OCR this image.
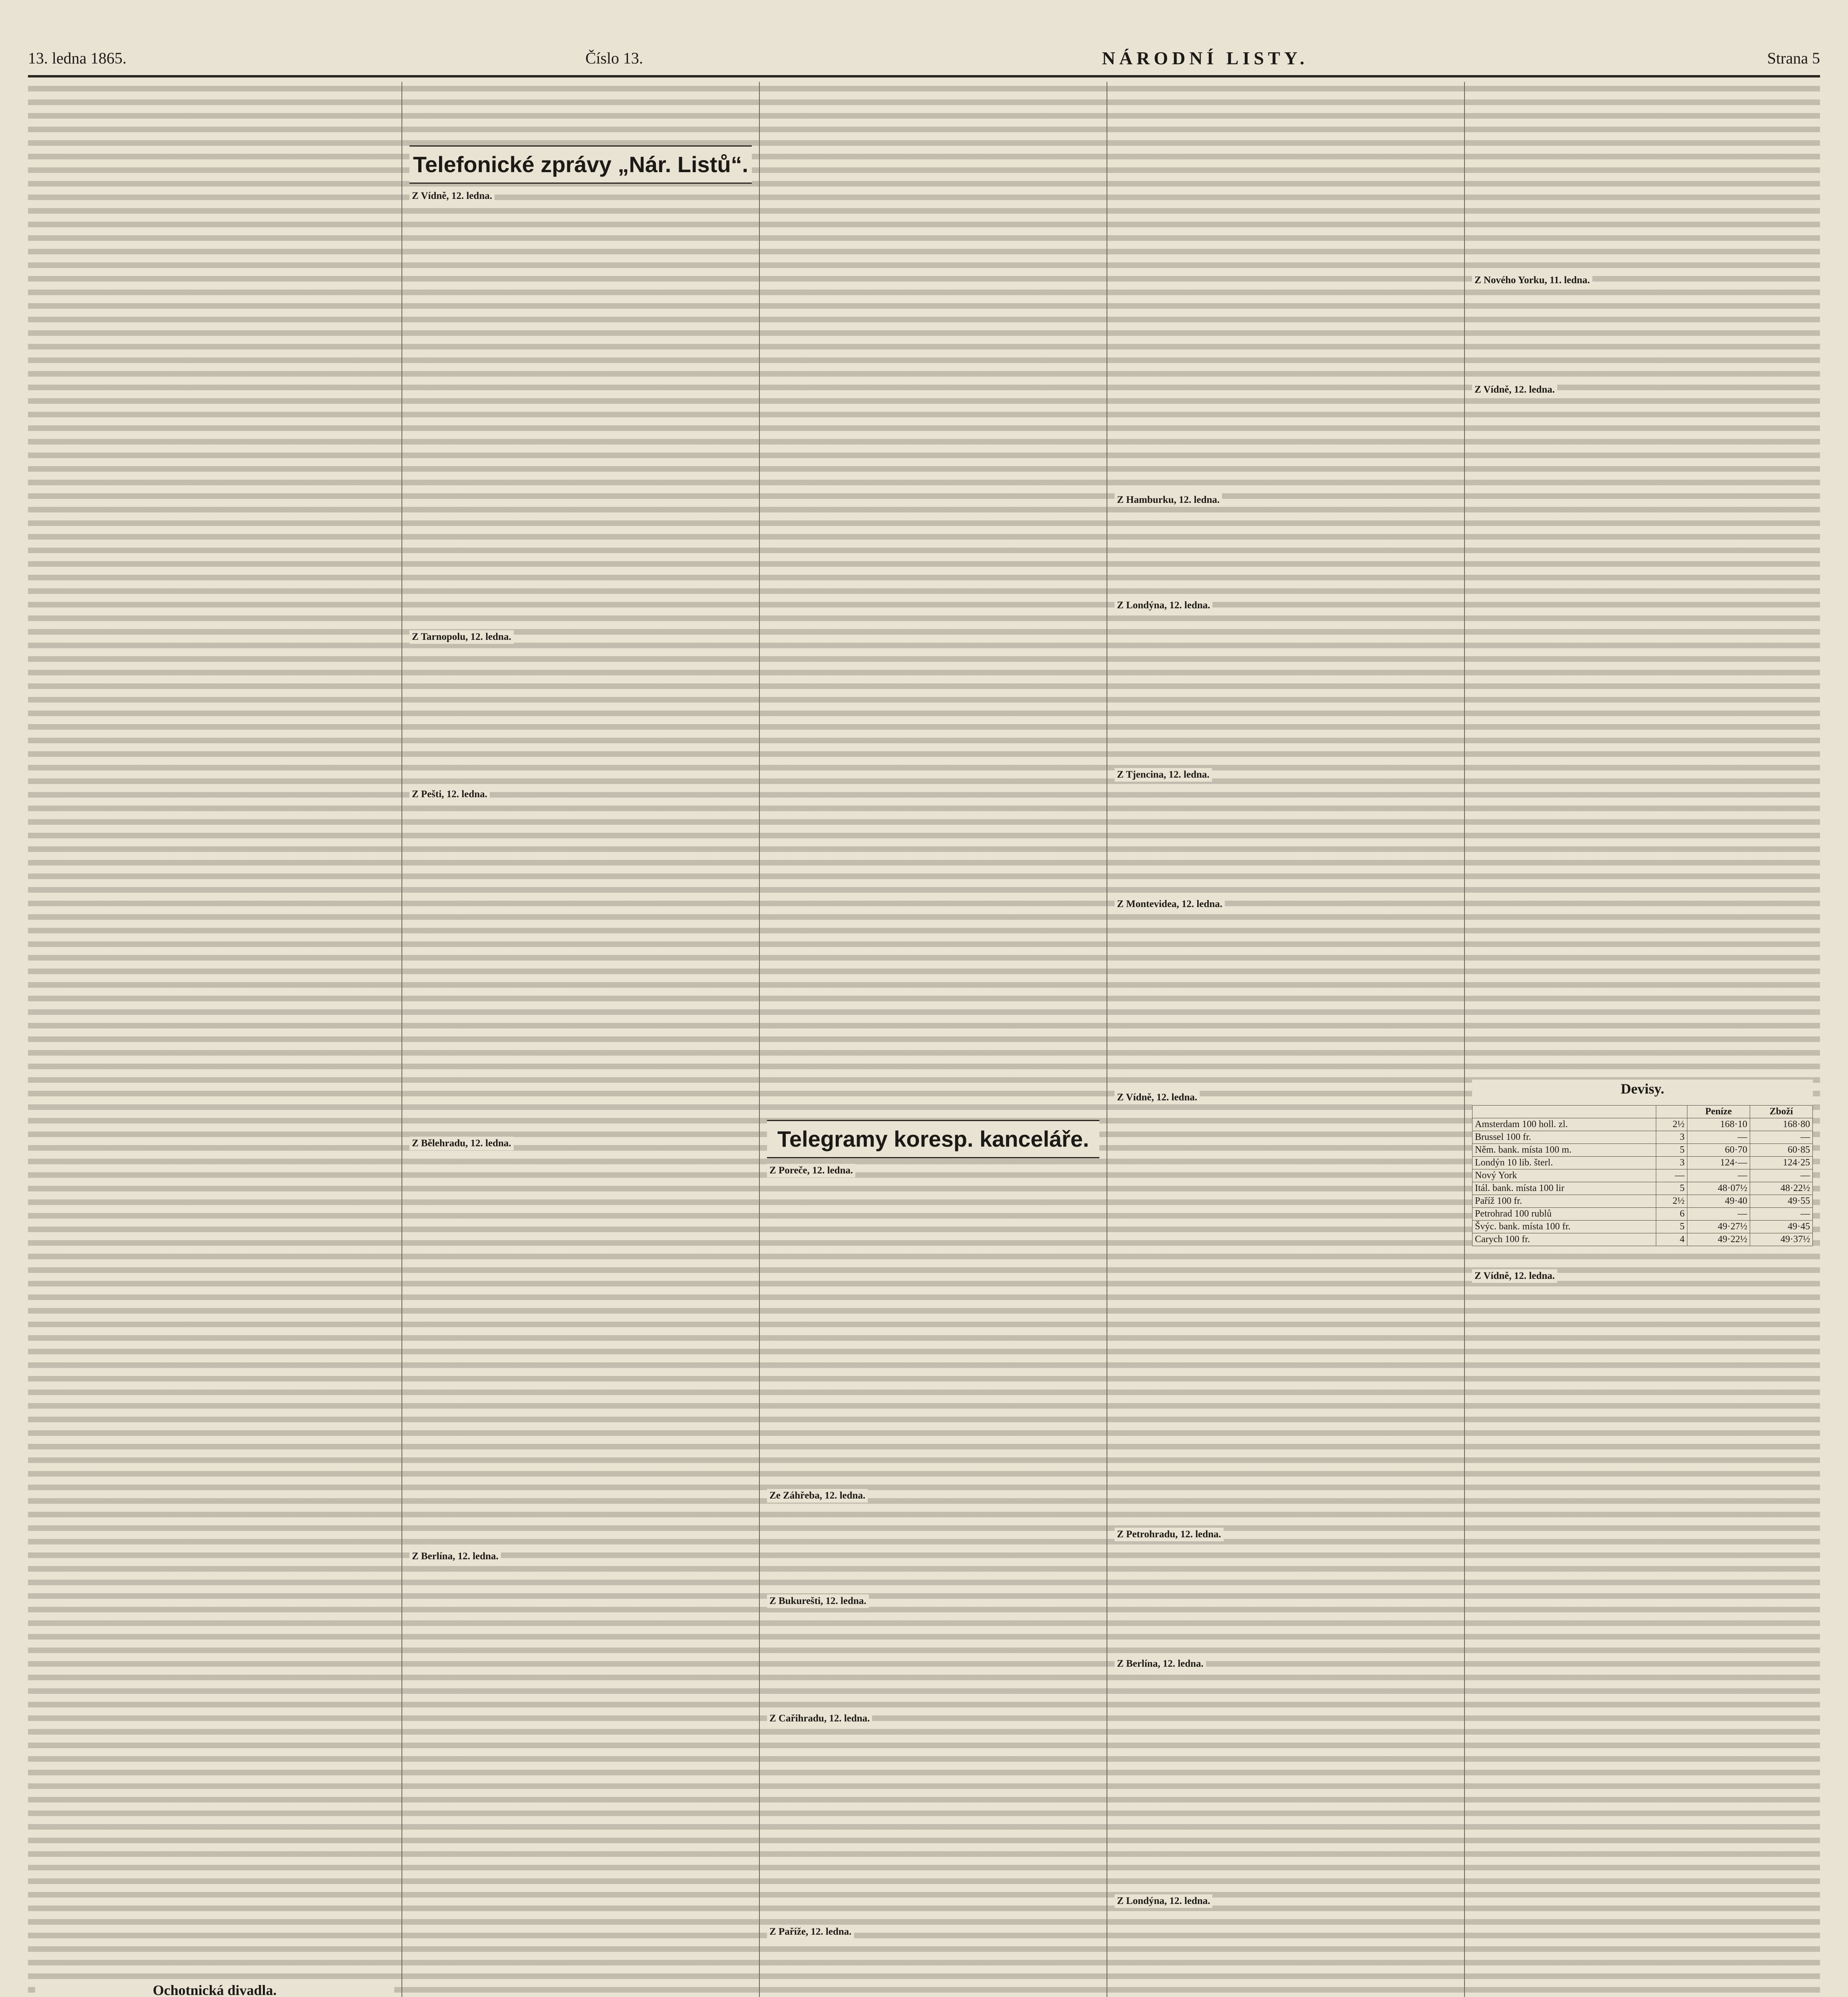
13. ledna 1865.	Číslo 13.	NÁRODNÍ LISTY.	Strana 5
Ochotnická divadla.
Telefonické zprávy „Nár. Listů“.
Z Vídně, 12. ledna.
Z Tarnopolu, 12. ledna.
Z Pešti, 12. ledna.
Z Bělehradu, 12. ledna.
Z Berlína, 12. ledna.
Telegramy koresp. kanceláře.
Z Poreče, 12. ledna.
Ze Záhřeba, 12. ledna.
Z Bukurešti, 12. ledna.
Z Cařihradu, 12. ledna.
Z Paříže, 12. ledna.
Z Hamburku, 12. ledna.
Z Londýna, 12. ledna.
Z Tjencina, 12. ledna.
Z Montevidea, 12. ledna.
Z Vídně, 12. ledna.
Z Petrohradu, 12. ledna.
Z Berlína, 12. ledna.
Z Londýna, 12. ledna.
Z Nového Yorku, 11. ledna.
Z Vídně, 12. ledna.
Devisy.
		Peníze	Zboží
Amsterdam 100 holl. zl.	2½	168·10	168·80
Brussel 100 fr.	3	—	—
Něm. bank. místa 100 m.	5	60·70	60·85
Londýn 10 lib. šterl.	3	124·—	124·25
Nový York	—	—	—
Itál. bank. místa 100 lir	5	48·07½	48·22½
Paříž 100 fr.	2½	49·40	49·55
Petrohrad 100 rublů	6	—	—
Švýc. bank. místa 100 fr.	5	49·27½	49·45
Carych 100 fr.	4	49·22½	49·37½
Z Vídně, 12. ledna.
